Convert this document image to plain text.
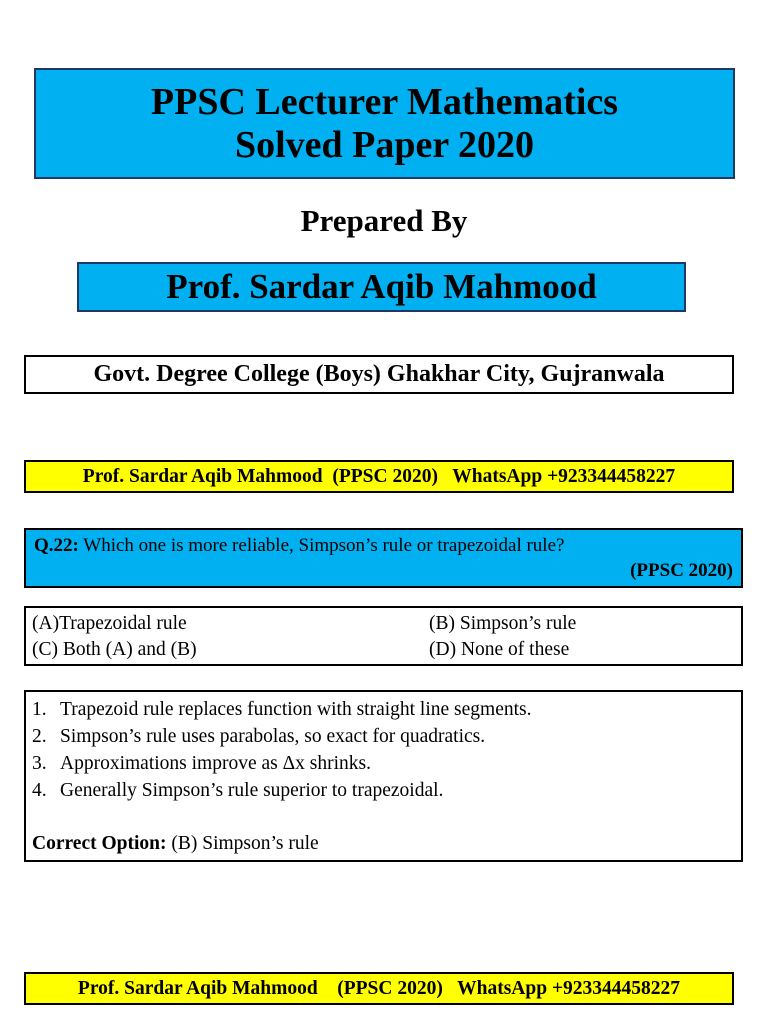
PPSC Lecturer Mathematics
Solved Paper 2020
Prepared By
Prof. Sardar Aqib Mahmood
Govt. Degree College (Boys) Ghakhar City, Gujranwala
Prof. Sardar Aqib Mahmood  (PPSC 2020)   WhatsApp +923344458227
Q.22: Which one is more reliable, Simpson’s rule or trapezoidal rule?
(PPSC 2020)
(A)Trapezoidal rule	(B) Simpson’s rule
(C) Both (A) and (B)	(D) None of these
1. Trapezoid rule replaces function with straight line segments.
2. Simpson’s rule uses parabolas, so exact for quadratics.
3. Approximations improve as Δx shrinks.
4. Generally Simpson’s rule superior to trapezoidal.
Correct Option: (B) Simpson’s rule
Prof. Sardar Aqib Mahmood    (PPSC 2020)   WhatsApp +923344458227
